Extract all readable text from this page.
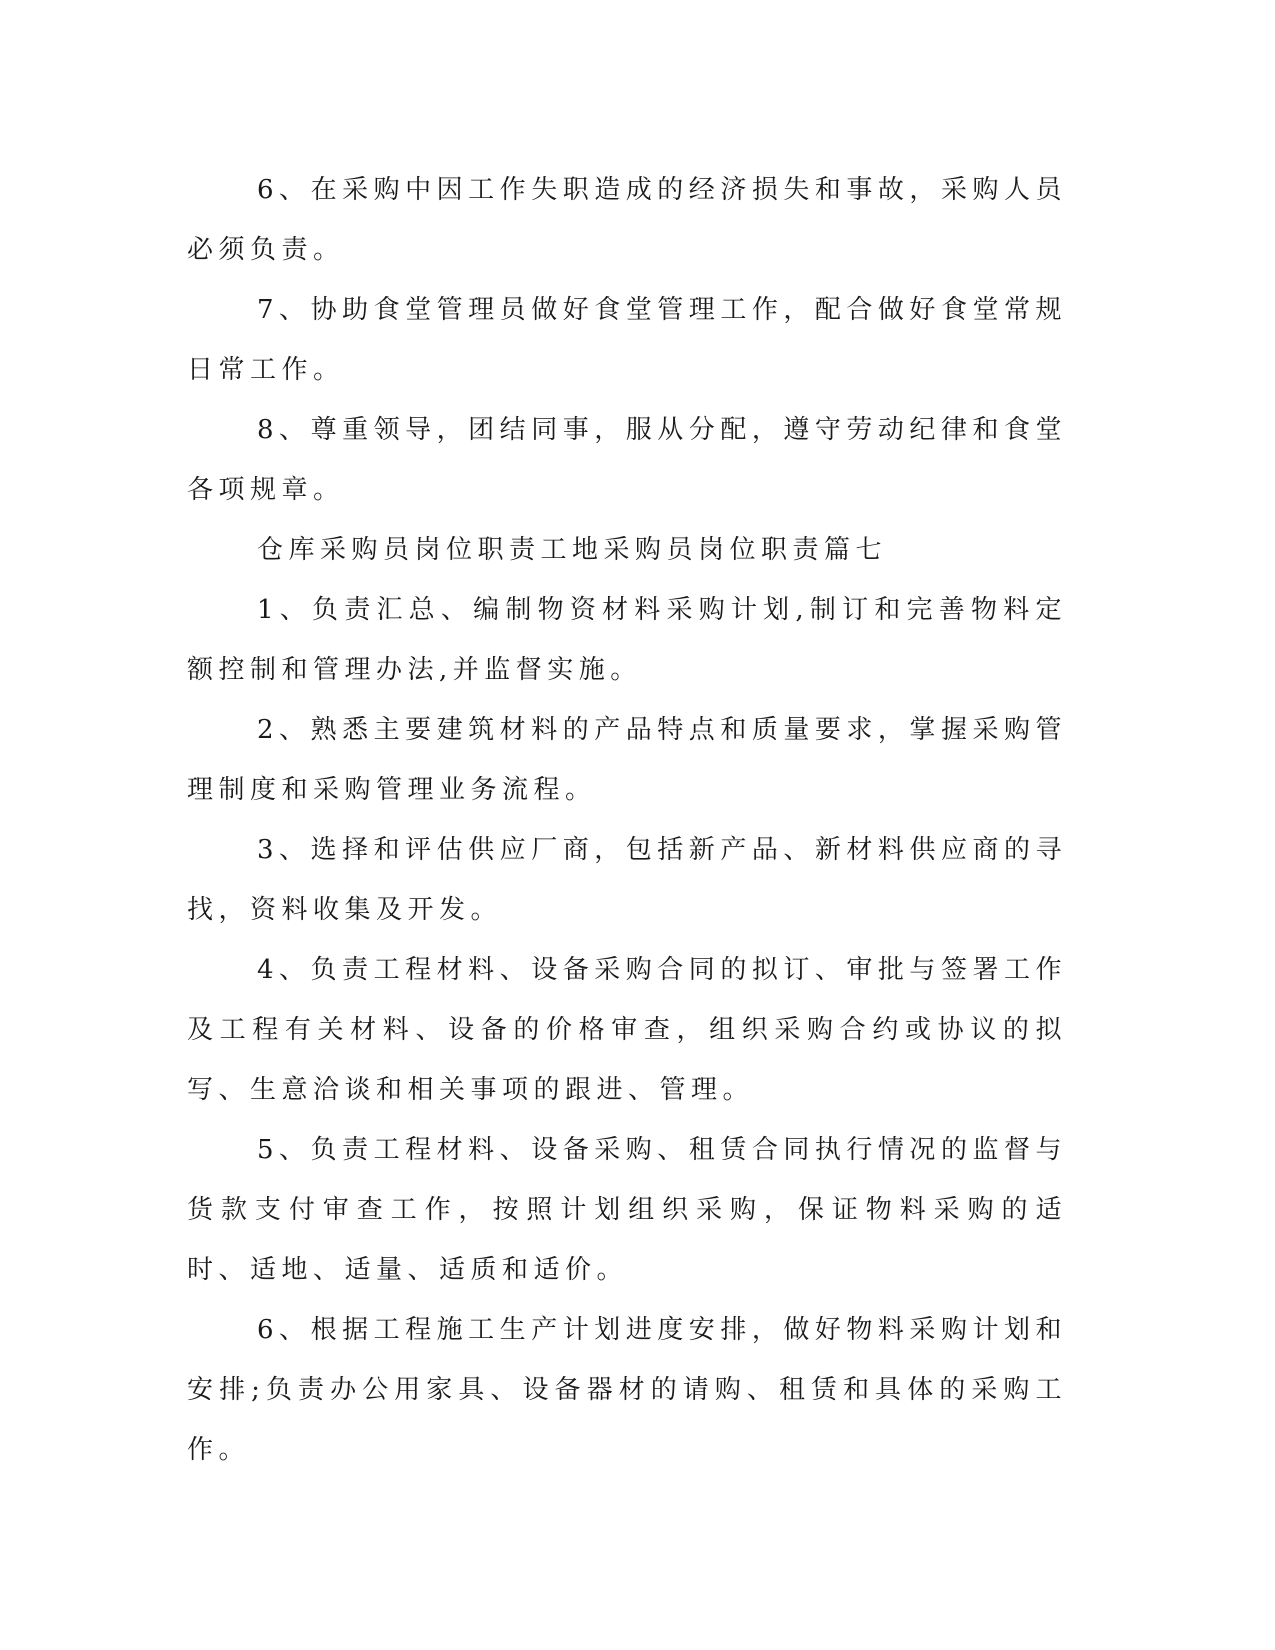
6、在采购中因工作失职造成的经济损失和事故，采购人员必须负责。

7、协助食堂管理员做好食堂管理工作，配合做好食堂常规日常工作。

8、尊重领导，团结同事，服从分配，遵守劳动纪律和食堂各项规章。

仓库采购员岗位职责工地采购员岗位职责篇七

1、负责汇总、编制物资材料采购计划,制订和完善物料定额控制和管理办法,并监督实施。

2、熟悉主要建筑材料的产品特点和质量要求，掌握采购管理制度和采购管理业务流程。

3、选择和评估供应厂商，包括新产品、新材料供应商的寻找，资料收集及开发。

4、负责工程材料、设备采购合同的拟订、审批与签署工作及工程有关材料、设备的价格审查，组织采购合约或协议的拟写、生意洽谈和相关事项的跟进、管理。

5、负责工程材料、设备采购、租赁合同执行情况的监督与货款支付审查工作，按照计划组织采购，保证物料采购的适时、适地、适量、适质和适价。

6、根据工程施工生产计划进度安排，做好物料采购计划和安排;负责办公用家具、设备器材的请购、租赁和具体的采购工作。
